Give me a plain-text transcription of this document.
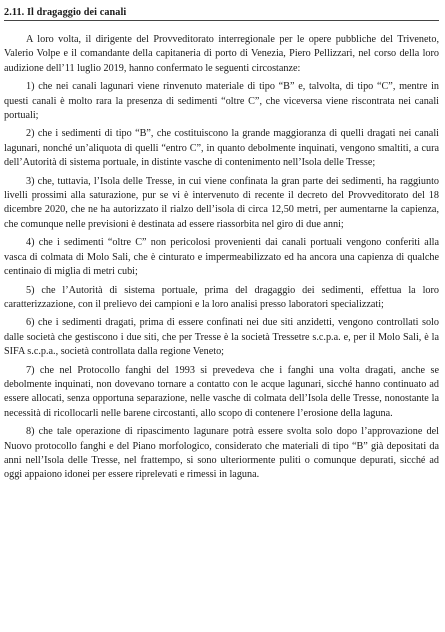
2.11. Il dragaggio dei canali

A loro volta, il dirigente del Provveditorato interregionale per le opere pubbliche del Triveneto, Valerio Volpe e il comandante della capitaneria di porto di Venezia, Piero Pellizzari, nel corso della loro audizione dell’11 luglio 2019, hanno confermato le seguenti circostanze:

1) che nei canali lagunari viene rinvenuto materiale di tipo “B” e, talvolta, di tipo “C”, mentre in questi canali è molto rara la presenza di sedimenti “oltre C”, che viceversa viene riscontrata nei canali portuali;

2) che i sedimenti di tipo “B”, che costituiscono la grande maggioranza di quelli dragati nei canali lagunari, nonché un’aliquota di quelli “entro C”, in quanto debolmente inquinati, vengono smaltiti, a cura dell’Autorità di sistema portuale, in distinte vasche di contenimento nell’Isola delle Tresse;

3) che, tuttavia, l’Isola delle Tresse, in cui viene confinata la gran parte dei sedimenti, ha raggiunto livelli prossimi alla saturazione, pur se vi è intervenuto di recente il decreto del Provveditorato del 18 dicembre 2020, che ne ha autorizzato il rialzo dell’isola di circa 12,50 metri, per aumentarne la capienza, che comunque nelle previsioni è destinata ad essere riassorbita nel giro di due anni;

4) che i sedimenti “oltre C” non pericolosi provenienti dai canali portuali vengono conferiti alla vasca di colmata di Molo Sali, che è cinturato e impermeabilizzato ed ha ancora una capienza di qualche centinaio di miglia di metri cubi;

5) che l’Autorità di sistema portuale, prima del dragaggio dei sedimenti, effettua la loro caratterizzazione, con il prelievo dei campioni e la loro analisi presso laboratori specializzati;

6) che i sedimenti dragati, prima di essere confinati nei due siti anzidetti, vengono controllati solo dalle società che gestiscono i due siti, che per Tresse è la società Tressetre s.c.p.a. e, per il Molo Sali, è la SIFA s.c.p.a., società controllata dalla regione Veneto;

7) che nel Protocollo fanghi del 1993 si prevedeva che i fanghi una volta dragati, anche se debolmente inquinati, non dovevano tornare a contatto con le acque lagunari, sicché hanno continuato ad essere allocati, senza opportuna separazione, nelle vasche di colmata dell’Isola delle Tresse, nonostante la necessità di ricollocarli nelle barene circostanti, allo scopo di contenere l’erosione della laguna.

8) che tale operazione di ripascimento lagunare potrà essere svolta solo dopo l’approvazione del Nuovo protocollo fanghi e del Piano morfologico, considerato che materiali di tipo “B” già depositati da anni nell’Isola delle Tresse, nel frattempo, si sono ulteriormente puliti o comunque depurati, sicché ad oggi appaiono idonei per essere riprelevati e rimessi in laguna.
